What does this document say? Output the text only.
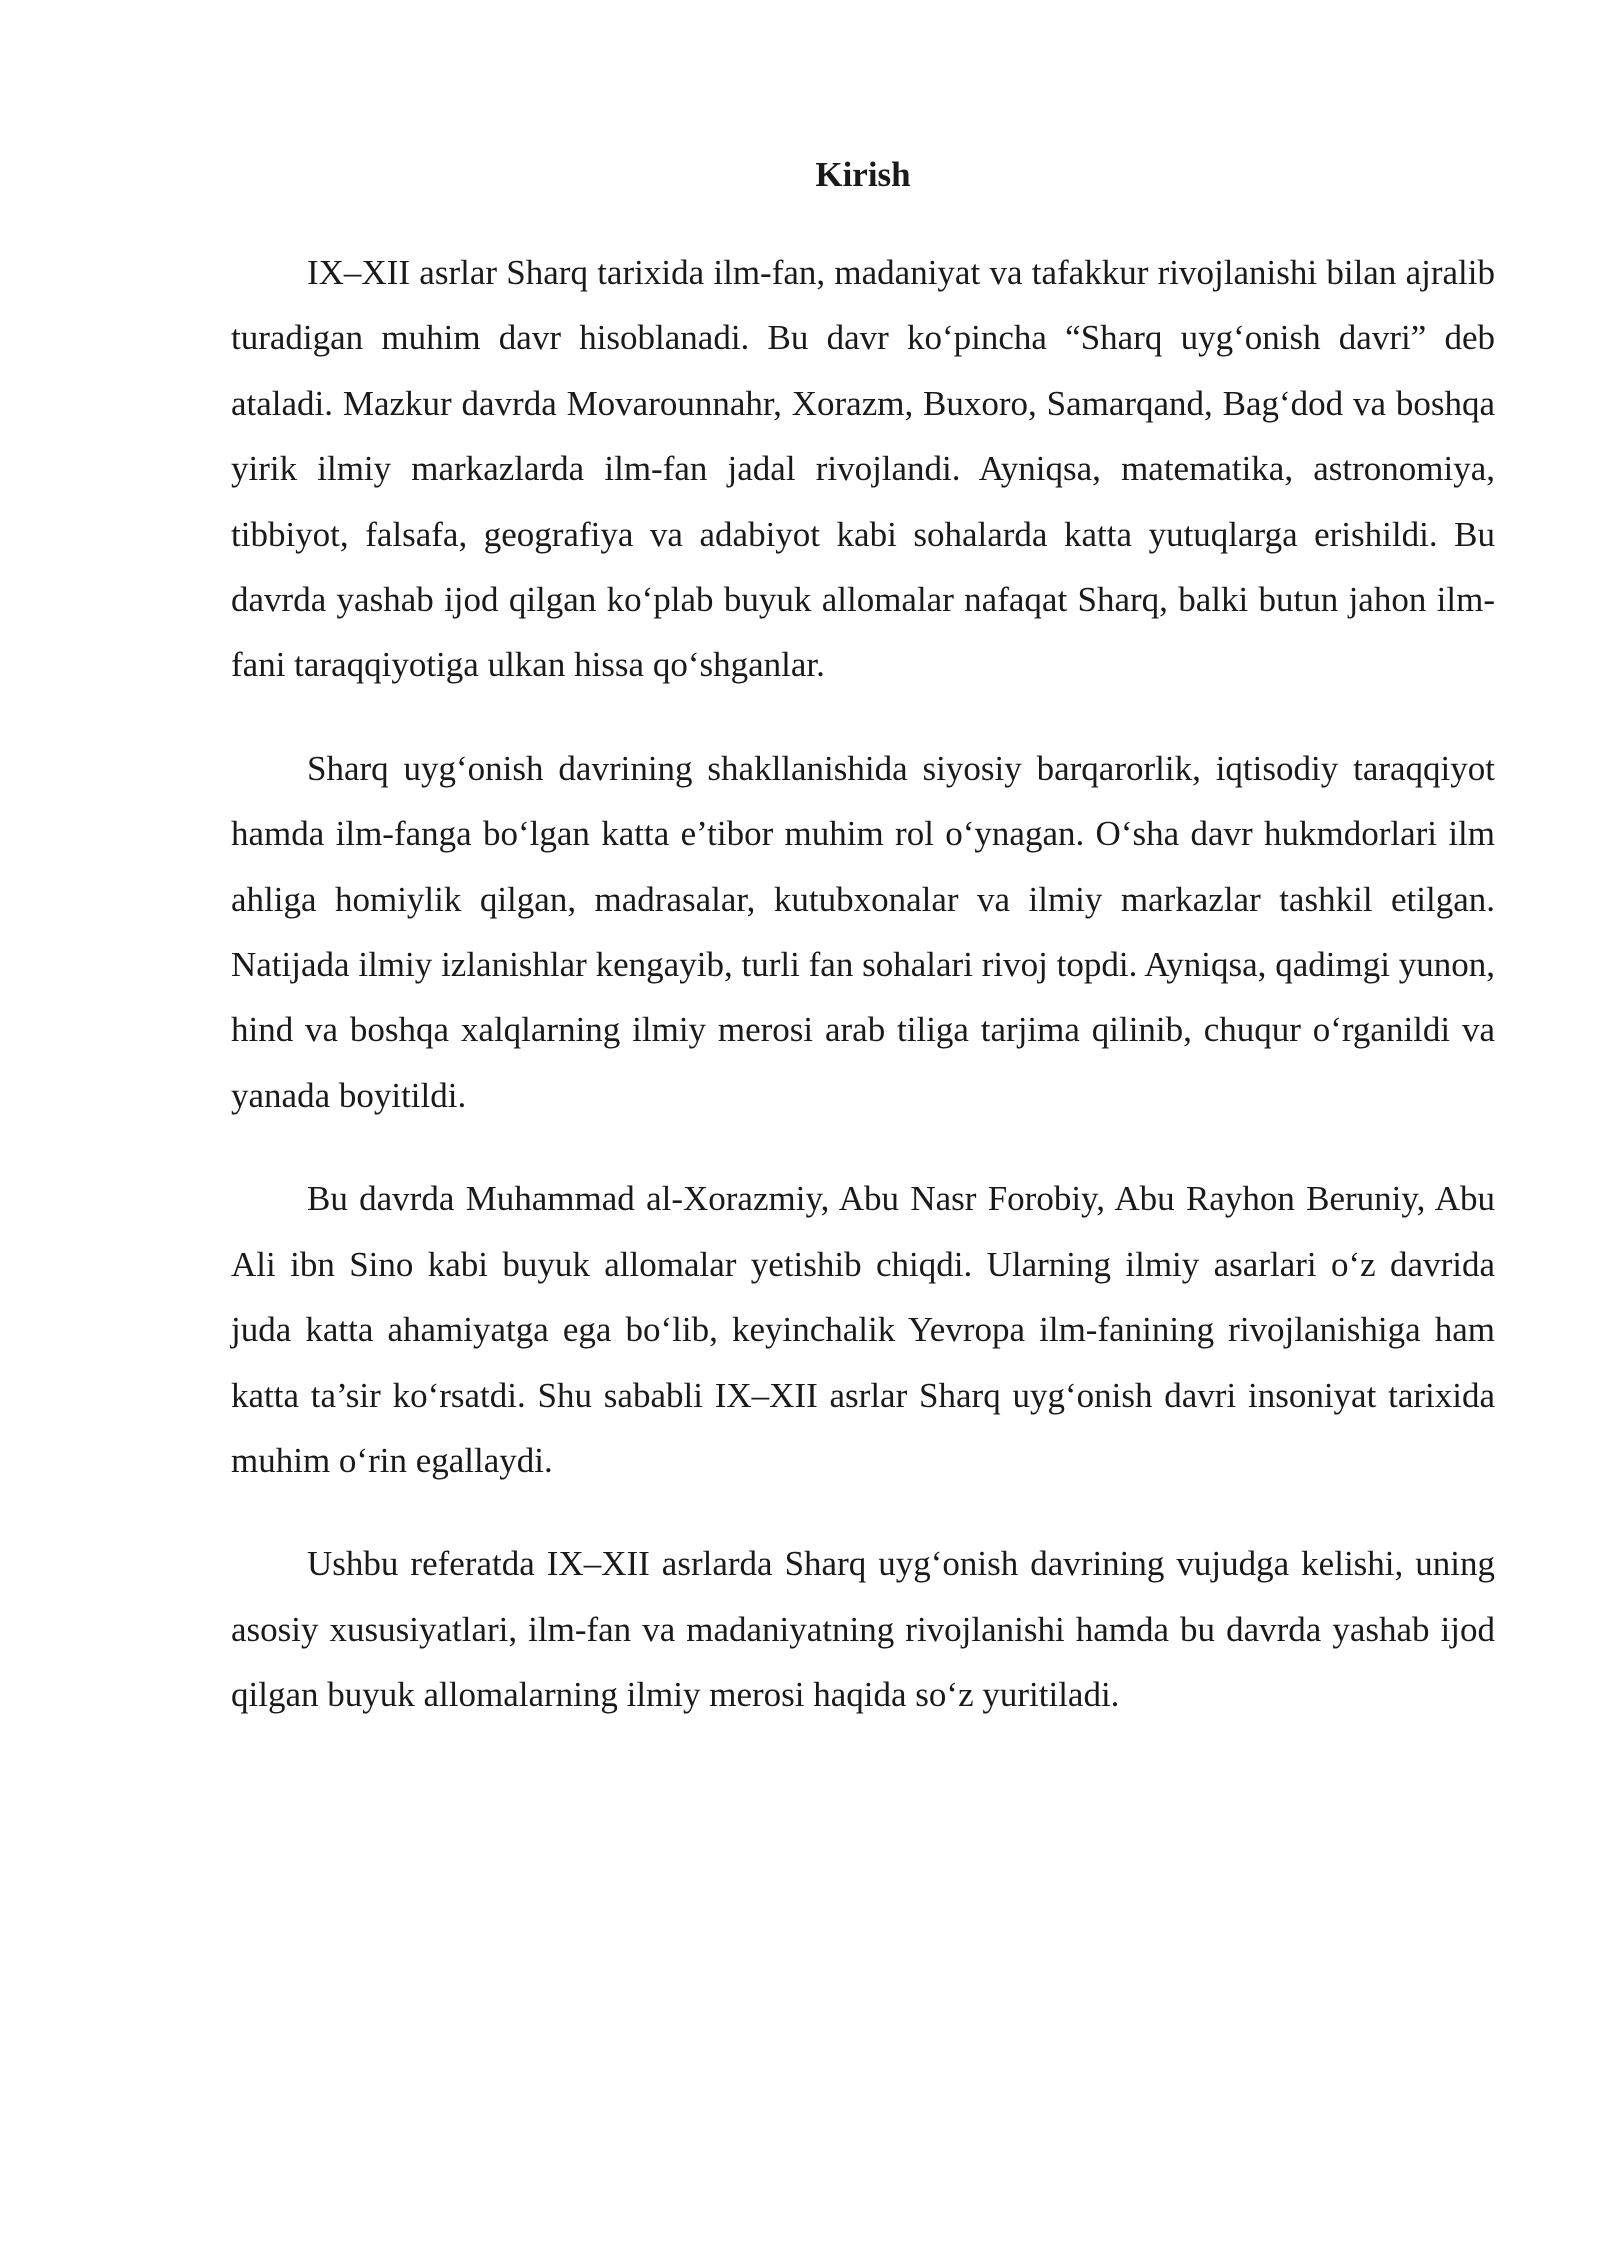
Kirish

IX–XII asrlar Sharq tarixida ilm-fan, madaniyat va tafakkur rivojlanishi bilan ajralib turadigan muhim davr hisoblanadi. Bu davr ko‘pincha “Sharq uyg‘onish davri” deb ataladi. Mazkur davrda Movarounnahr, Xorazm, Buxoro, Samarqand, Bag‘dod va boshqa yirik ilmiy markazlarda ilm-fan jadal rivojlandi. Ayniqsa, matematika, astronomiya, tibbiyot, falsafa, geografiya va adabiyot kabi sohalarda katta yutuqlarga erishildi. Bu davrda yashab ijod qilgan ko‘plab buyuk allomalar nafaqat Sharq, balki butun jahon ilm-fani taraqqiyotiga ulkan hissa qo‘shganlar.

Sharq uyg‘onish davrining shakllanishida siyosiy barqarorlik, iqtisodiy taraqqiyot hamda ilm-fanga bo‘lgan katta e’tibor muhim rol o‘ynagan. O‘sha davr hukmdorlari ilm ahliga homiylik qilgan, madrasalar, kutubxonalar va ilmiy markazlar tashkil etilgan. Natijada ilmiy izlanishlar kengayib, turli fan sohalari rivoj topdi. Ayniqsa, qadimgi yunon, hind va boshqa xalqlarning ilmiy merosi arab tiliga tarjima qilinib, chuqur o‘rganildi va yanada boyitildi.

Bu davrda Muhammad al-Xorazmiy, Abu Nasr Forobiy, Abu Rayhon Beruniy, Abu Ali ibn Sino kabi buyuk allomalar yetishib chiqdi. Ularning ilmiy asarlari o‘z davrida juda katta ahamiyatga ega bo‘lib, keyinchalik Yevropa ilm-fanining rivojlanishiga ham katta ta’sir ko‘rsatdi. Shu sababli IX–XII asrlar Sharq uyg‘onish davri insoniyat tarixida muhim o‘rin egallaydi.

Ushbu referatda IX–XII asrlarda Sharq uyg‘onish davrining vujudga kelishi, uning asosiy xususiyatlari, ilm-fan va madaniyatning rivojlanishi hamda bu davrda yashab ijod qilgan buyuk allomalarning ilmiy merosi haqida so‘z yuritiladi.
